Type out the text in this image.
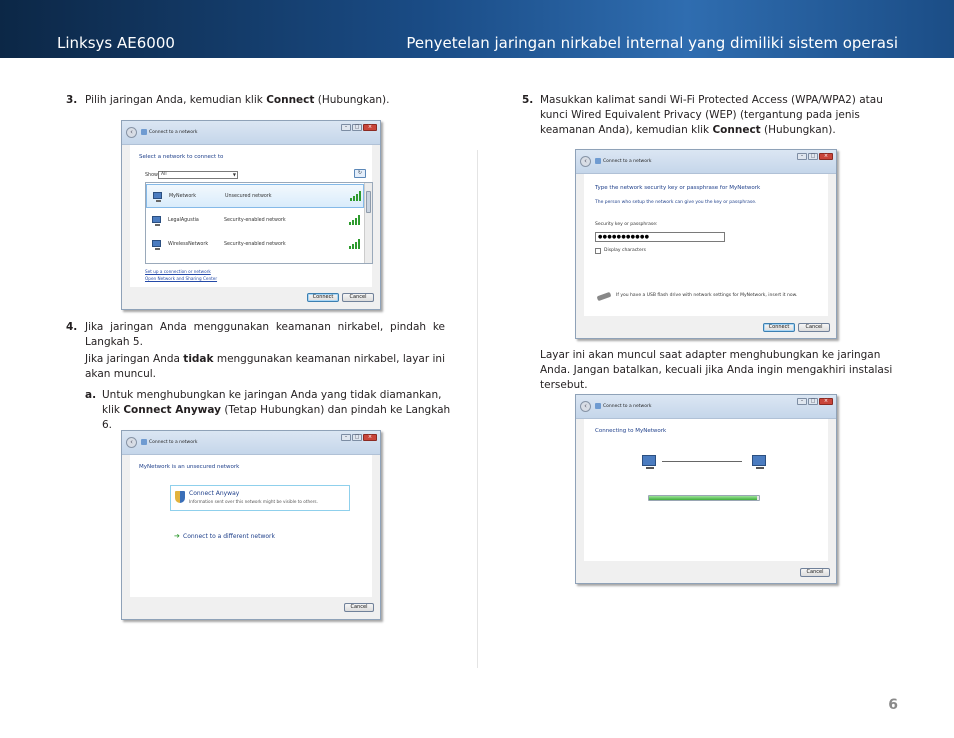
Linksys AE6000	Penyetelan jaringan nirkabel internal yang dimiliki sistem operasi
3. Pilih jaringan Anda, kemudian klik Connect (Hubungkan).
‹	Connect to a network
–	□	×
Select a network to connect to
Show All	▼	↻
MyNetwork	Unsecured network
LegalAgustia	Security-enabled network
WirelessNetwork	Security-enabled network
Set up a connection or network
Open Network and Sharing Center
Connect	Cancel
4. Jika jaringan Anda menggunakan keamanan nirkabel, pindah ke Langkah 5.
Jika jaringan Anda tidak menggunakan keamanan nirkabel, layar ini akan muncul.
a. Untuk menghubungkan ke jaringan Anda yang tidak diamankan, klik Connect Anyway (Tetap Hubungkan) dan pindah ke Langkah 6.
‹	Connect to a network
–	□	×
MyNetwork is an unsecured network
Connect Anyway
Information sent over this network might be visible to others.
➔ Connect to a different network
Cancel
5. Masukkan kalimat sandi Wi-Fi Protected Access (WPA/WPA2) atau kunci Wired Equivalent Privacy (WEP) (tergantung pada jenis keamanan Anda), kemudian klik Connect (Hubungkan).
‹	Connect to a network
–	□	×
Type the network security key or passphrase for MyNetwork
The person who setup the network can give you the key or passphrase.
Security key or passphrase:
●●●●●●●●●●●
Display characters
If you have a USB flash drive with network settings for MyNetwork, insert it now.
Connect	Cancel
Layar ini akan muncul saat adapter menghubungkan ke jaringan Anda. Jangan batalkan, kecuali jika Anda ingin mengakhiri instalasi tersebut.
‹	Connect to a network
–	□	×
Connecting to MyNetwork
Cancel
6
